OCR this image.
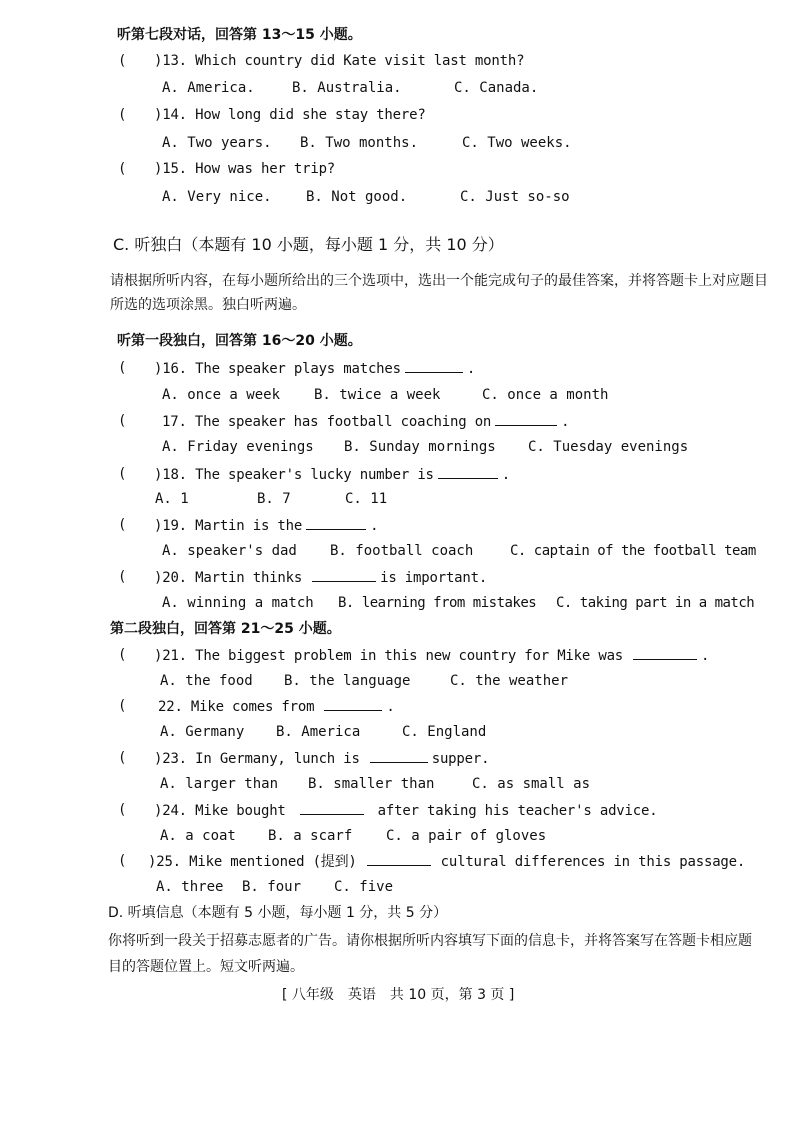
听第七段对话，回答第 13～15 小题。
(	)13. Which country did Kate visit last month?
A. America.	B. Australia.	C. Canada.
(	)14. How long did she stay there?
A. Two years. B. Two months.	C. Two weeks.
(	)15. How was her trip?
A. Very nice. B. Not good.	C. Just so-so
C. 听独白（本题有 10 小题，每小题 1 分，共 10 分）
请根据所听内容，在每小题所给出的三个选项中，选出一个能完成句子的最佳答案，并将答题卡上对应题目所选的选项涂黑。独白听两遍。
听第一段独白，回答第 16～20 小题。
(	)16. The speaker plays matches	.
A. once a week B. twice a week	C. once a month
(	17. The speaker has football coaching on	.
A. Friday evenings B. Sunday mornings C. Tuesday evenings
(	)18. The speaker's lucky number is	.
A. 1	B. 7	C. 11
(	)19. Martin is the	.
A. speaker's dad B. football coach	C. captain of the football team
(	)20. Martin thinks	is important.
A. winning a match B. learning from mistakes C. taking part in a match
第二段独白，回答第 21～25 小题。
(	)21. The biggest problem in this new country for Mike was	.
A. the food B. the language	C. the weather
(	22. Mike comes from	.
A. Germany B. America	C. England
(	)23. In Germany, lunch is	supper.
A. larger than B. smaller than	C. as small as
(	)24. Mike bought	after taking his teacher's advice.
A. a coat B. a scarf C. a pair of gloves
(	)25. Mike mentioned (提到)	cultural differences in this passage.
A. three B. four C. five
D. 听填信息（本题有 5 小题，每小题 1 分，共 5 分）
你将听到一段关于招募志愿者的广告。请你根据所听内容填写下面的信息卡，并将答案写在答题卡相应题目的答题位置上。短文听两遍。
[ 八年级　英语　共 10 页，第 3 页 ]
